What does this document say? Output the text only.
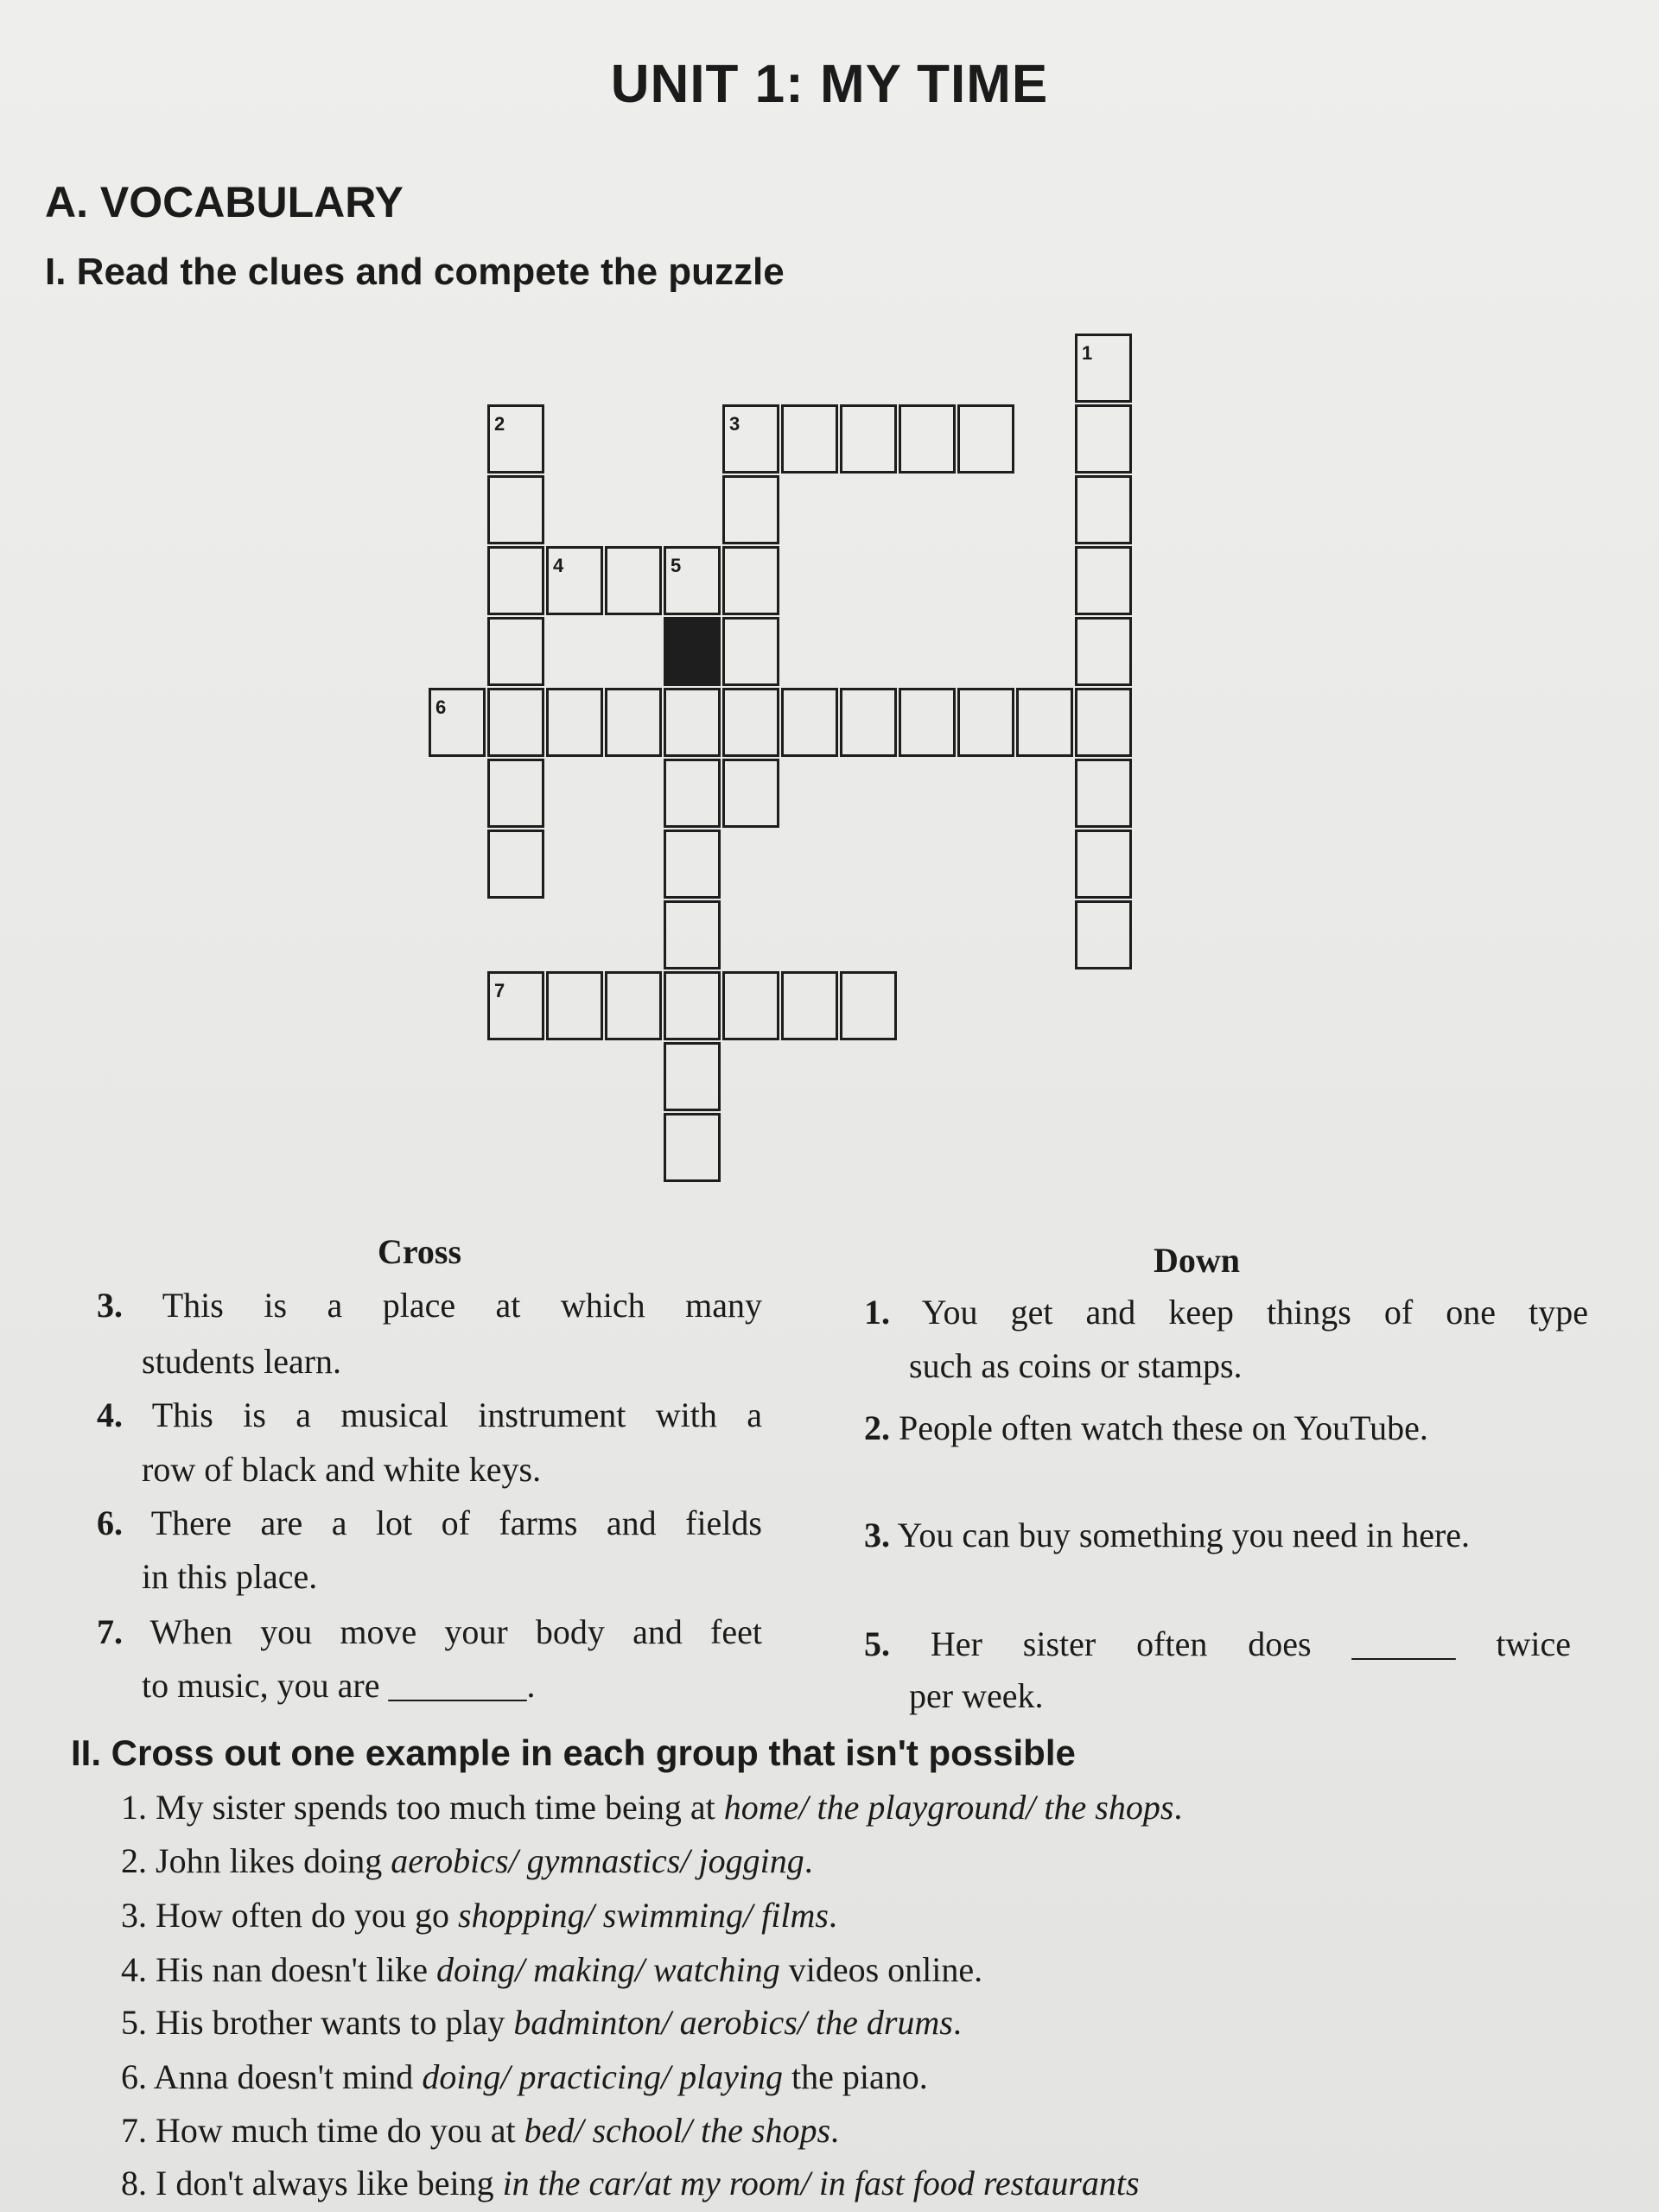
UNIT 1: MY TIME
A. VOCABULARY
I. Read the clues and compete the puzzle
1
2	3
4	5
6
7
Cross	Down
3. This is a place at which many
students learn.
4. This is a musical instrument with a
row of black and white keys.
6. There are a lot of farms and fields
in this place.
7. When you move your body and feet
to music, you are ________.
1. You get and keep things of one type
such as coins or stamps.
2. People often watch these on YouTube.
3. You can buy something you need in here.
5. Her sister often does ______ twice
per week.
II. Cross out one example in each group that isn't possible
1. My sister spends too much time being at home/ the playground/ the shops.
2. John likes doing aerobics/ gymnastics/ jogging.
3. How often do you go shopping/ swimming/ films.
4. His nan doesn't like doing/ making/ watching videos online.
5. His brother wants to play badminton/ aerobics/ the drums.
6. Anna doesn't mind doing/ practicing/ playing the piano.
7. How much time do you at bed/ school/ the shops.
8. I don't always like being in the car/at my room/ in fast food restaurants
